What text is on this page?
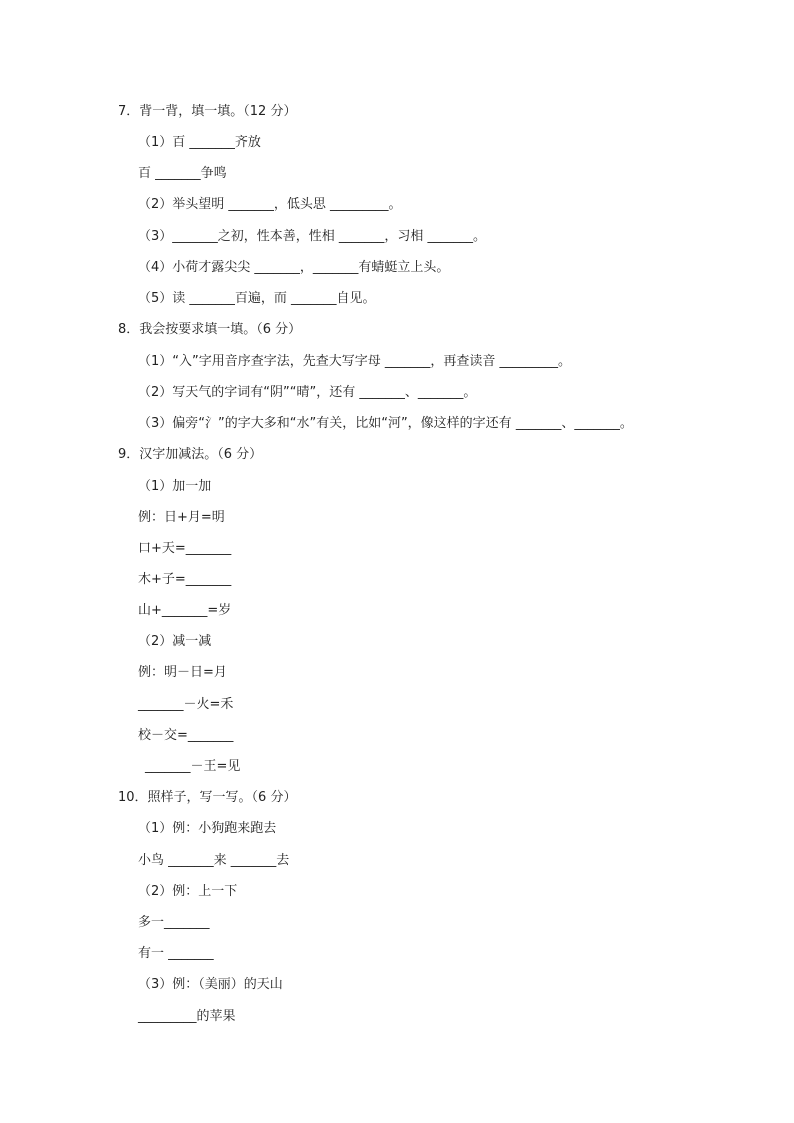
7．背一背，填一填。（12 分）
（1）百 _______齐放
百 _______争鸣
（2）举头望明 _______，低头思 _________。
（3）_______之初，性本善，性相 _______，习相 _______。
（4）小荷才露尖尖 _______，_______有蜻蜓立上头。
（5）读 _______百遍，而 _______自见。
8．我会按要求填一填。（6 分）
（1）“入”字用音序查字法，先查大写字母 _______，再查读音 _________。
（2）写天气的字词有“阴”“晴”，还有 _______、_______。
（3）偏旁“氵”的字大多和“水”有关，比如“河”，像这样的字还有 _______、_______。
9．汉字加减法。（6 分）
（1）加一加
例：日+月=明
口+天=_______
木+子=_______
山+_______=岁
（2）减一减
例：明－日=月
_______－火=禾
校－交=_______
_______－王=见
10．照样子，写一写。（6 分）
（1）例：小狗跑来跑去
小鸟 _______来 _______去
（2）例：上一下
多一_______
有一 _______
（3）例：（美丽）的天山
_________的苹果
